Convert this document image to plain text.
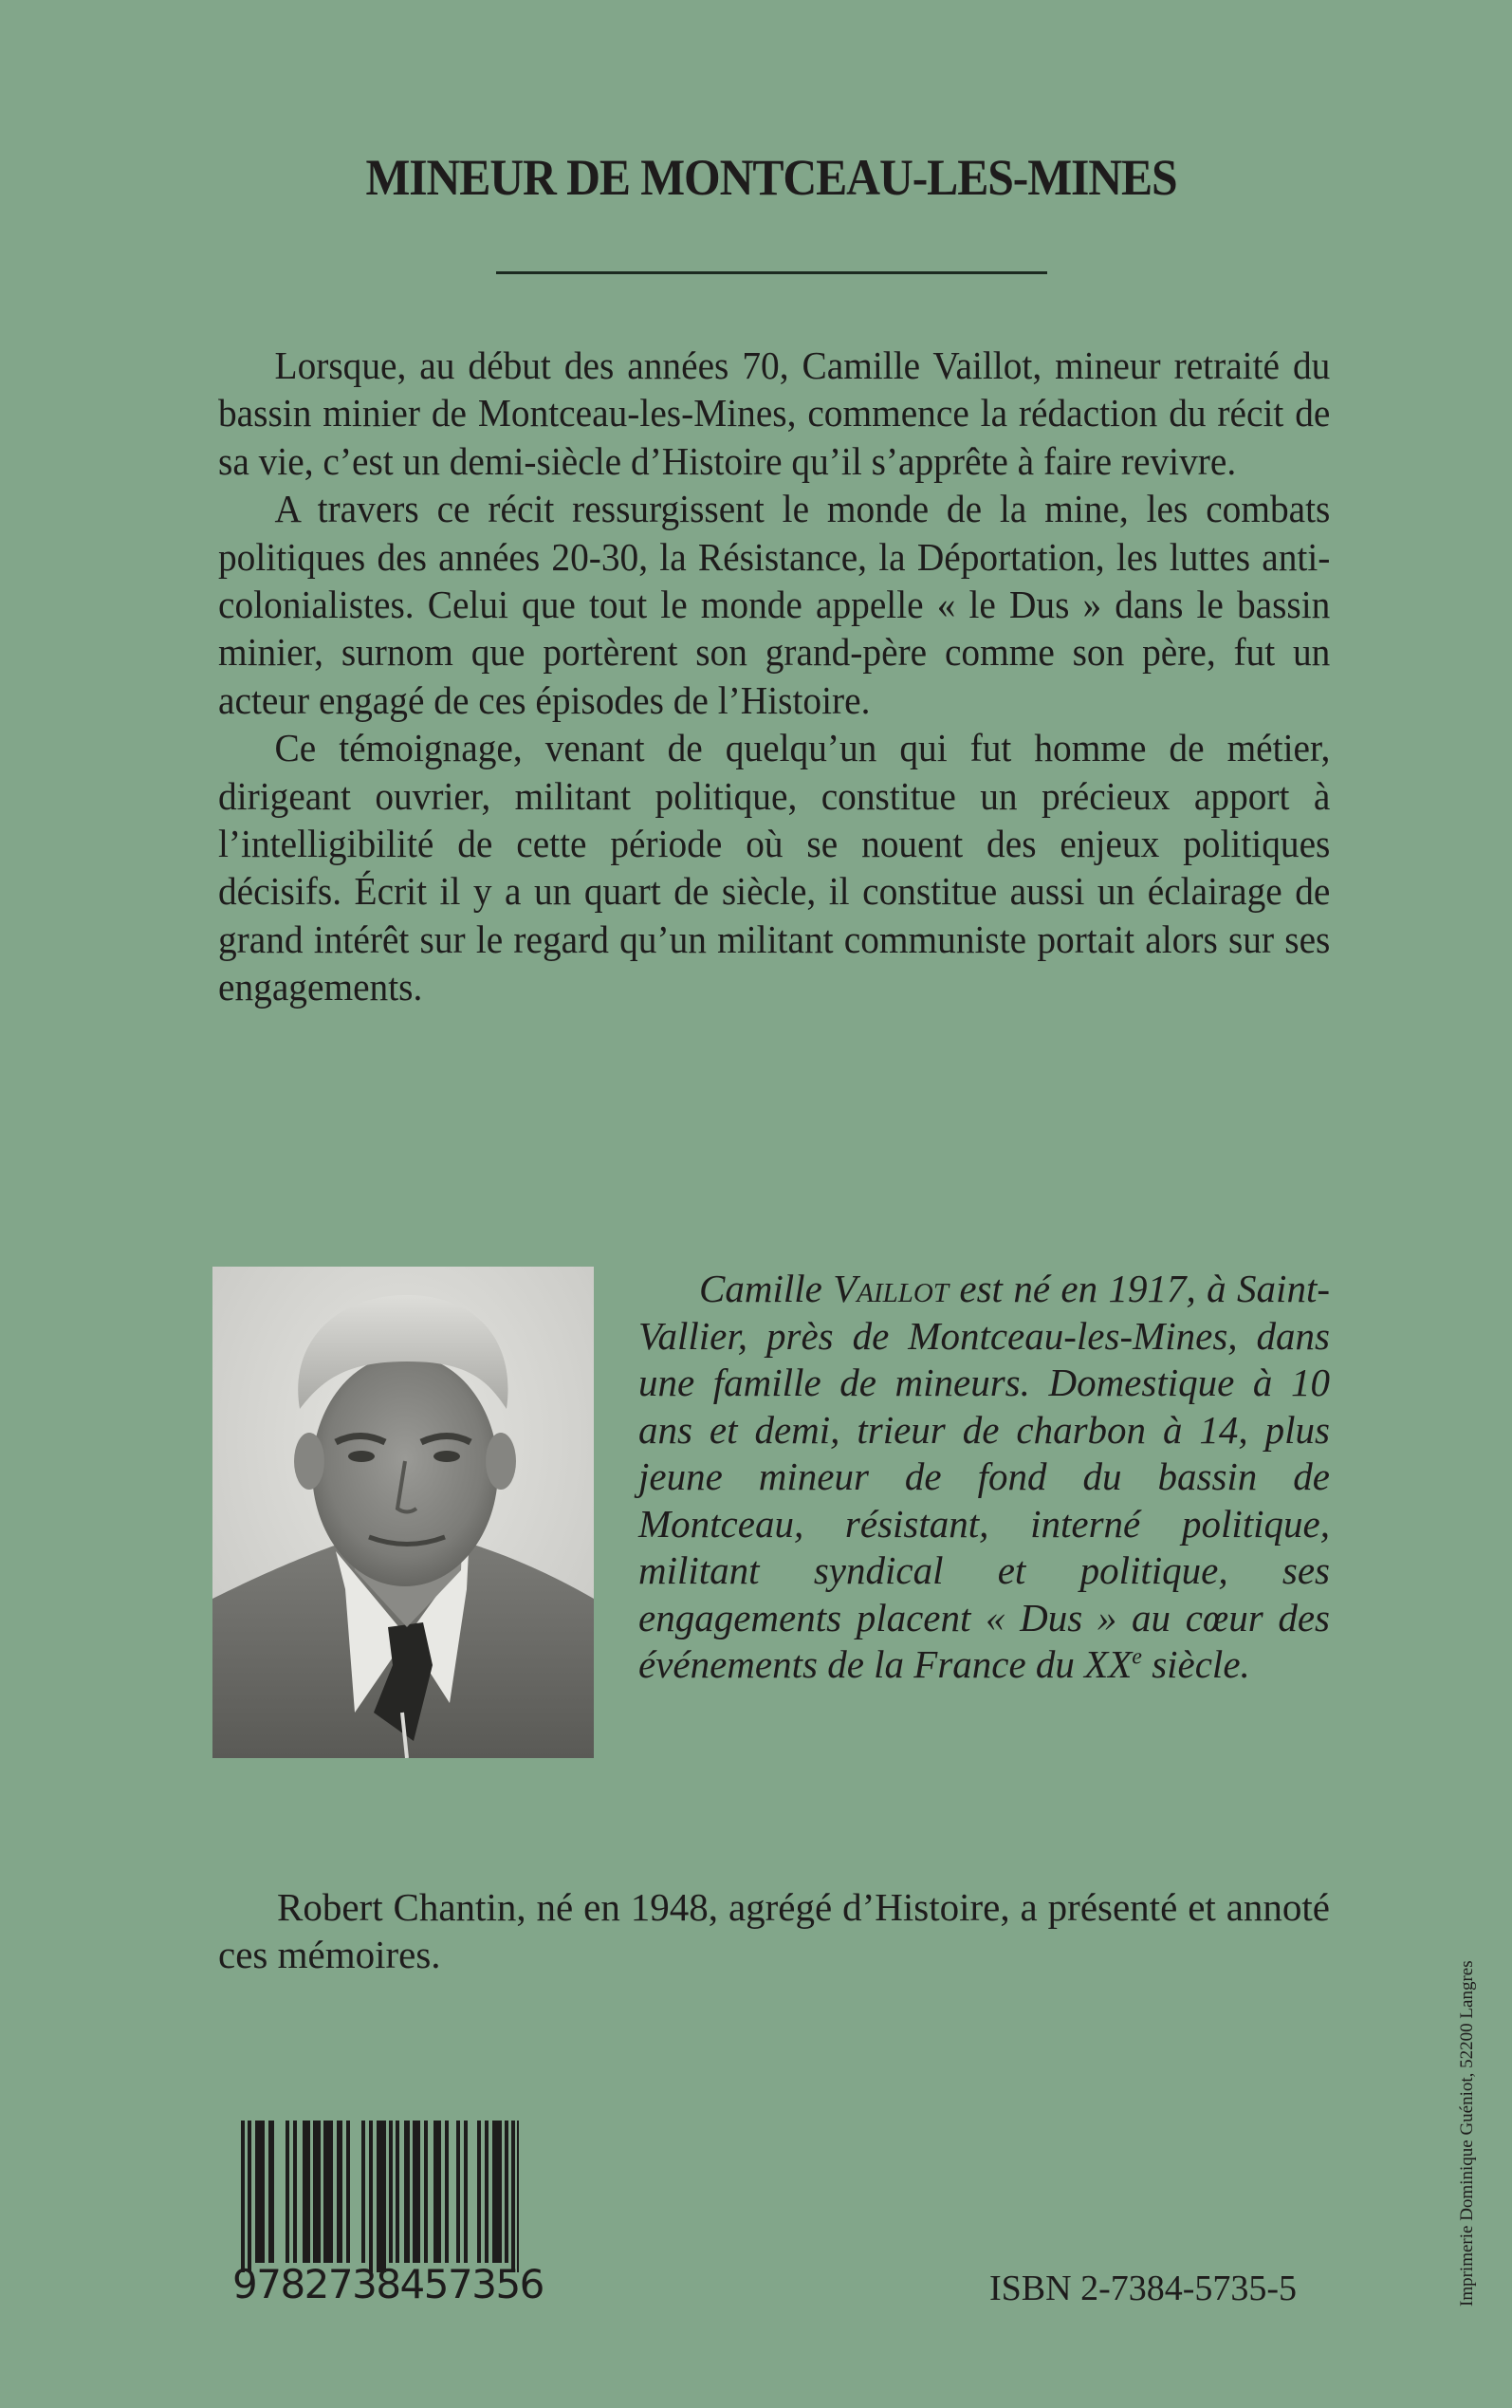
MINEUR DE MONTCEAU-LES-MINES

Lorsque, au début des années 70, Camille Vaillot, mineur retraité du bassin minier de Montceau-les-Mines, commence la rédaction du récit de sa vie, c’est un demi-siècle d’Histoire qu’il s’apprête à faire revivre.

A travers ce récit ressurgissent le monde de la mine, les combats politiques des années 20-30, la Résistance, la Déportation, les luttes anti-colonialistes. Celui que tout le monde appelle « le Dus » dans le bassin minier, surnom que portèrent son grand-père comme son père, fut un acteur engagé de ces épisodes de l’Histoire.

Ce témoignage, venant de quelqu’un qui fut homme de métier, dirigeant ouvrier, militant politique, constitue un précieux apport à l’intelligibilité de cette période où se nouent des enjeux politiques décisifs. Écrit il y a un quart de siècle, il constitue aussi un éclairage de grand intérêt sur le regard qu’un militant communiste portait alors sur ses engagements.

Camille Vaillot est né en 1917, à Saint-Vallier, près de Montceau-les-Mines, dans une famille de mineurs. Domestique à 10 ans et demi, trieur de charbon à 14, plus jeune mineur de fond du bassin de Montceau, résistant, interné politique, militant syndical et politique, ses engagements placent « Dus » au cœur des événements de la France du XXe siècle.

Robert Chantin, né en 1948, agrégé d’Histoire, a présenté et annoté ces mémoires.

9782738457356	ISBN 2-7384-5735-5	Imprimerie Dominique Guéniot, 52200 Langres
